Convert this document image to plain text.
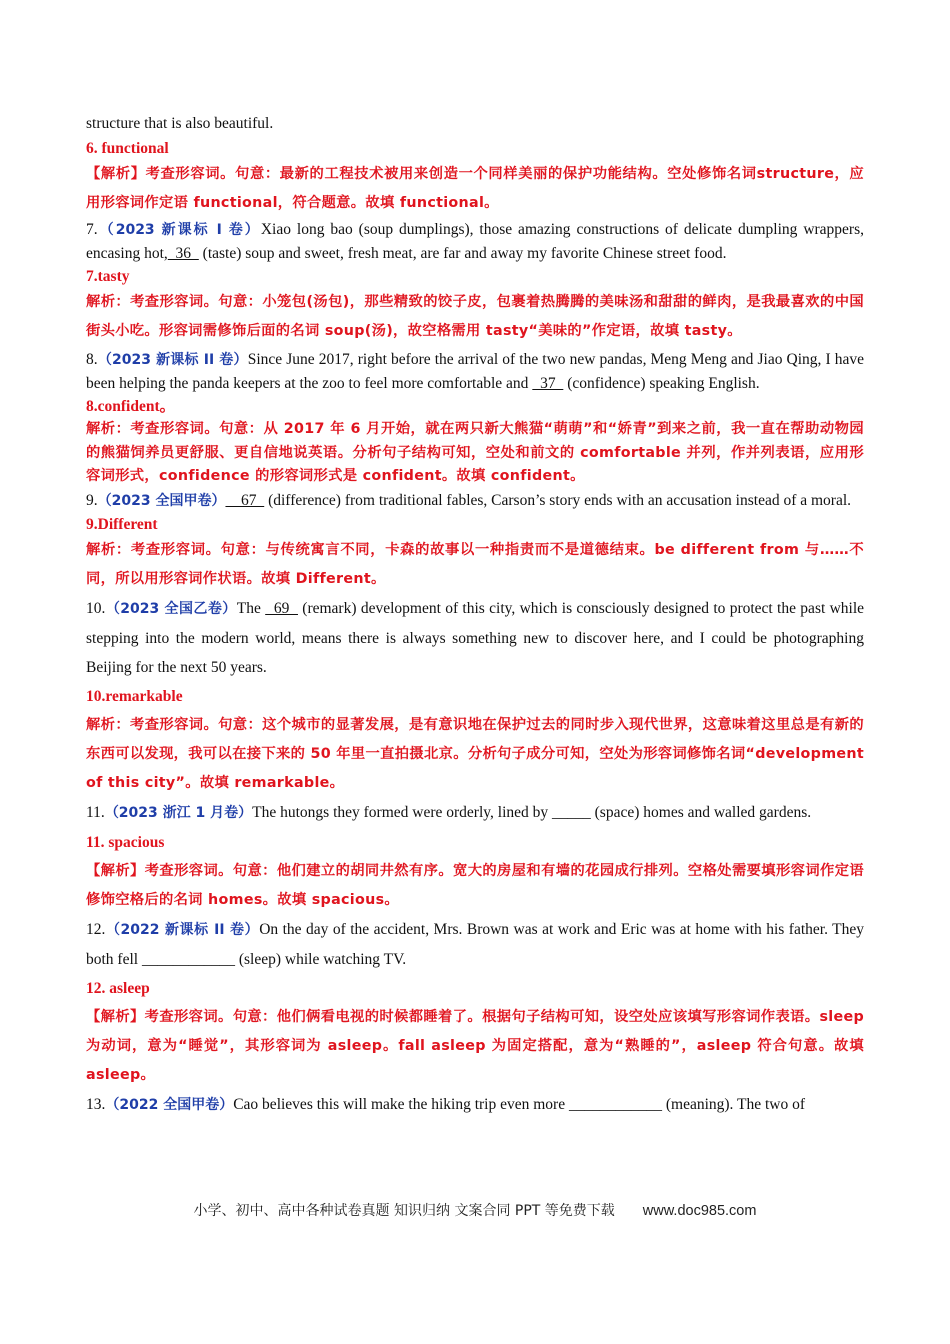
structure that is also beautiful.

6. functional

【解析】考查形容词。句意：最新的工程技术被用来创造一个同样美丽的保护功能结构。空处修饰名词structure，应用形容词作定语 functional，符合题意。故填 functional。

7.（2023 新课标 I 卷）Xiao long bao (soup dumplings), those amazing constructions of delicate dumpling wrappers, encasing hot,  36   (taste) soup and sweet, fresh meat, are far and away my favorite Chinese street food.

7.tasty

解析：考查形容词。句意：小笼包(汤包)，那些精致的饺子皮，包裹着热腾腾的美味汤和甜甜的鲜肉，是我最喜欢的中国街头小吃。形容词需修饰后面的名词 soup(汤)，故空格需用 tasty“美味的”作定语，故填 tasty。

8.（2023 新课标 II 卷）Since June 2017, right before the arrival of the two new pandas, Meng Meng and Jiao Qing, I have been helping the panda keepers at the zoo to feel more comfortable and   37   (confidence) speaking English.

8.confident。

解析：考查形容词。句意：从 2017 年 6 月开始，就在两只新大熊猫“萌萌”和“娇青”到来之前，我一直在帮助动物园的熊猫饲养员更舒服、更自信地说英语。分析句子结构可知，空处和前文的 comfortable 并列，作并列表语，应用形容词形式，confidence 的形容词形式是 confident。故填 confident。

9.（2023 全国甲卷）    67   (difference) from traditional fables, Carson’s story ends with an accusation instead of a moral.

9.Different

解析：考查形容词。句意：与传统寓言不同，卡森的故事以一种指责而不是道德结束。be different from 与……不同，所以用形容词作状语。故填 Different。

10.（2023 全国乙卷）The   69   (remark) development of this city, which is consciously designed to protect the past while stepping into the modern world, means there is always something new to discover here, and I could be photographing Beijing for the next 50 years.

10.remarkable

解析：考查形容词。句意：这个城市的显著发展，是有意识地在保护过去的同时步入现代世界，这意味着这里总是有新的东西可以发现，我可以在接下来的 50 年里一直拍摄北京。分析句子成分可知，空处为形容词修饰名词“development of this city”。故填 remarkable。

11.（2023 浙江 1 月卷）The hutongs they formed were orderly, lined by _____ (space) homes and walled gardens.

11. spacious

【解析】考查形容词。句意：他们建立的胡同井然有序。宽大的房屋和有墙的花园成行排列。空格处需要填形容词作定语修饰空格后的名词 homes。故填 spacious。

12.（2022 新课标 II 卷）On the day of the accident, Mrs. Brown was at work and Eric was at home with his father. They both fell ____________ (sleep) while watching TV.

12. asleep

【解析】考查形容词。句意：他们俩看电视的时候都睡着了。根据句子结构可知，设空处应该填写形容词作表语。sleep 为动词，意为“睡觉”，其形容词为 asleep。fall asleep 为固定搭配，意为“熟睡的”，asleep 符合句意。故填 asleep。

13.（2022 全国甲卷）Cao believes this will make the hiking trip even more ____________ (meaning). The two of

小学、初中、高中各种试卷真题 知识归纳 文案合同 PPT 等免费下载 www.doc985.com
